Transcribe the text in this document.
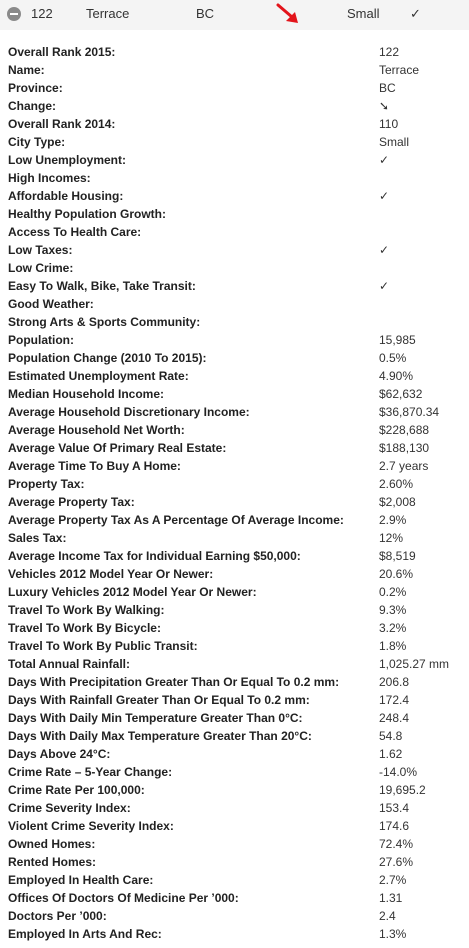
122	Terrace	BC	Small ✓
Overall Rank 2015:	122
Name:	Terrace
Province:	BC
Change:	➘
Overall Rank 2014:	110
City Type:	Small
Low Unemployment:	✓
High Incomes:
Affordable Housing:	✓
Healthy Population Growth:
Access To Health Care:
Low Taxes:	✓
Low Crime:
Easy To Walk, Bike, Take Transit:	✓
Good Weather:
Strong Arts & Sports Community:
Population:	15,985
Population Change (2010 To 2015):	0.5%
Estimated Unemployment Rate:	4.90%
Median Household Income:	$62,632
Average Household Discretionary Income:	$36,870.34
Average Household Net Worth:	$228,688
Average Value Of Primary Real Estate:	$188,130
Average Time To Buy A Home:	2.7 years
Property Tax:	2.60%
Average Property Tax:	$2,008
Average Property Tax As A Percentage Of Average Income:	2.9%
Sales Tax:	12%
Average Income Tax for Individual Earning $50,000:	$8,519
Vehicles 2012 Model Year Or Newer:	20.6%
Luxury Vehicles 2012 Model Year Or Newer:	0.2%
Travel To Work By Walking:	9.3%
Travel To Work By Bicycle:	3.2%
Travel To Work By Public Transit:	1.8%
Total Annual Rainfall:	1,025.27 mm
Days With Precipitation Greater Than Or Equal To 0.2 mm:	206.8
Days With Rainfall Greater Than Or Equal To 0.2 mm:	172.4
Days With Daily Min Temperature Greater Than 0°C:	248.4
Days With Daily Max Temperature Greater Than 20°C:	54.8
Days Above 24°C:	1.62
Crime Rate – 5-Year Change:	-14.0%
Crime Rate Per 100,000:	19,695.2
Crime Severity Index:	153.4
Violent Crime Severity Index:	174.6
Owned Homes:	72.4%
Rented Homes:	27.6%
Employed In Health Care:	2.7%
Offices Of Doctors Of Medicine Per ’000:	1.31
Doctors Per ’000:	2.4
Employed In Arts And Rec:	1.3%
